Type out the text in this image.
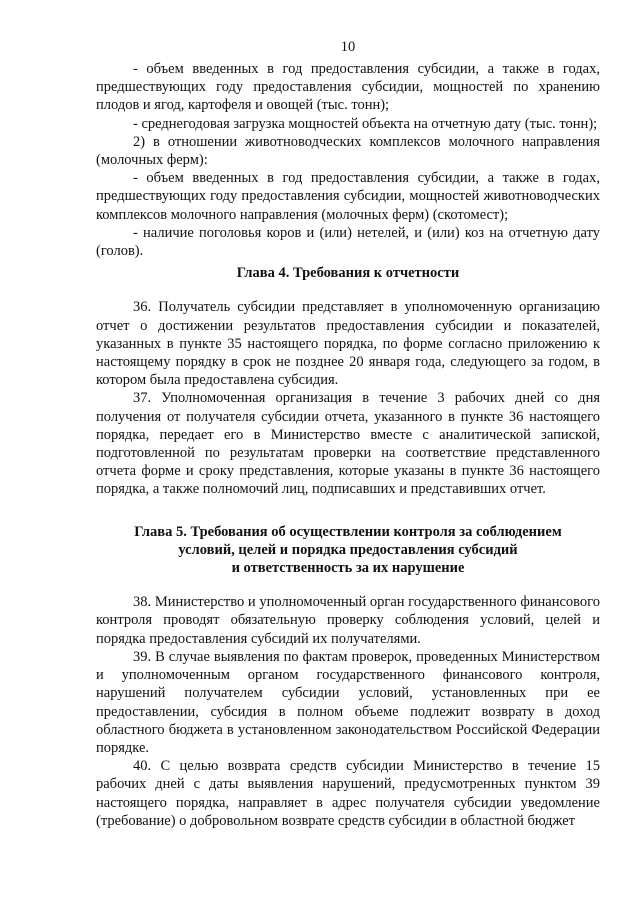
10

- объем введенных в год предоставления субсидии, а также в годах, предшествующих году предоставления субсидии, мощностей по хранению плодов и ягод, картофеля и овощей (тыс. тонн);

- среднегодовая загрузка мощностей объекта на отчетную дату (тыс. тонн);

2) в отношении животноводческих комплексов молочного направления (молочных ферм):

- объем введенных в год предоставления субсидии, а также в годах, предшествующих году предоставления субсидии, мощностей животноводческих комплексов молочного направления (молочных ферм) (скотомест);

- наличие поголовья коров и (или) нетелей, и (или) коз на отчетную дату (голов).

Глава 4. Требования к отчетности

36. Получатель субсидии представляет в уполномоченную организацию отчет о достижении результатов предоставления субсидии и показателей, указанных в пункте 35 настоящего порядка, по форме согласно приложению к настоящему порядку в срок не позднее 20 января года, следующего за годом, в котором была предоставлена субсидия.

37. Уполномоченная организация в течение 3 рабочих дней со дня получения от получателя субсидии отчета, указанного в пункте 36 настоящего порядка, передает его в Министерство вместе с аналитической запиской, подготовленной по результатам проверки на соответствие представленного отчета форме и сроку представления, которые указаны в пункте 36 настоящего порядка, а также полномочий лиц, подписавших и представивших отчет.

Глава 5. Требования об осуществлении контроля за соблюдением
условий, целей и порядка предоставления субсидий
и ответственность за их нарушение

38. Министерство и уполномоченный орган государственного финансового контроля проводят обязательную проверку соблюдения условий, целей и порядка предоставления субсидий их получателями.

39. В случае выявления по фактам проверок, проведенных Министерством и уполномоченным органом государственного финансового контроля, нарушений получателем субсидии условий, установленных при ее предоставлении, субсидия в полном объеме подлежит возврату в доход областного бюджета в установленном законодательством Российской Федерации порядке.

40. С целью возврата средств субсидии Министерство в течение 15 рабочих дней с даты выявления нарушений, предусмотренных пунктом 39 настоящего порядка, направляет в адрес получателя субсидии уведомление (требование) о добровольном возврате средств субсидии в областной бюджет
